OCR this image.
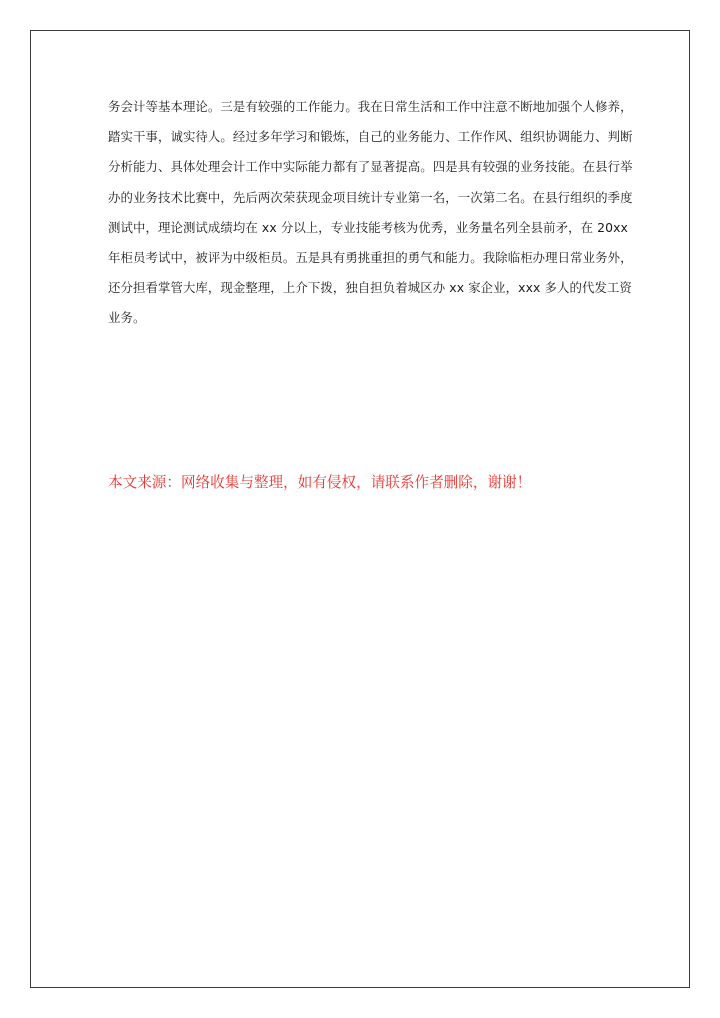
务会计等基本理论。三是有较强的工作能力。我在日常生活和工作中注意不断地加强个人修养，
踏实干事，诚实待人。经过多年学习和锻炼，自己的业务能力、工作作风、组织协调能力、判断
分析能力、具体处理会计工作中实际能力都有了显著提高。四是具有较强的业务技能。在县行举
办的业务技术比赛中，先后两次荣获现金项目统计专业第一名，一次第二名。在县行组织的季度
测试中，理论测试成绩均在 xx 分以上，专业技能考核为优秀，业务量名列全县前矛，在 20xx
年柜员考试中，被评为中级柜员。五是具有勇挑重担的勇气和能力。我除临柜办理日常业务外，
还分担看掌管大库，现金整理，上介下拨，独自担负着城区办 xx 家企业，xxx 多人的代发工资
业务。

本文来源：网络收集与整理，如有侵权，请联系作者删除，谢谢！
